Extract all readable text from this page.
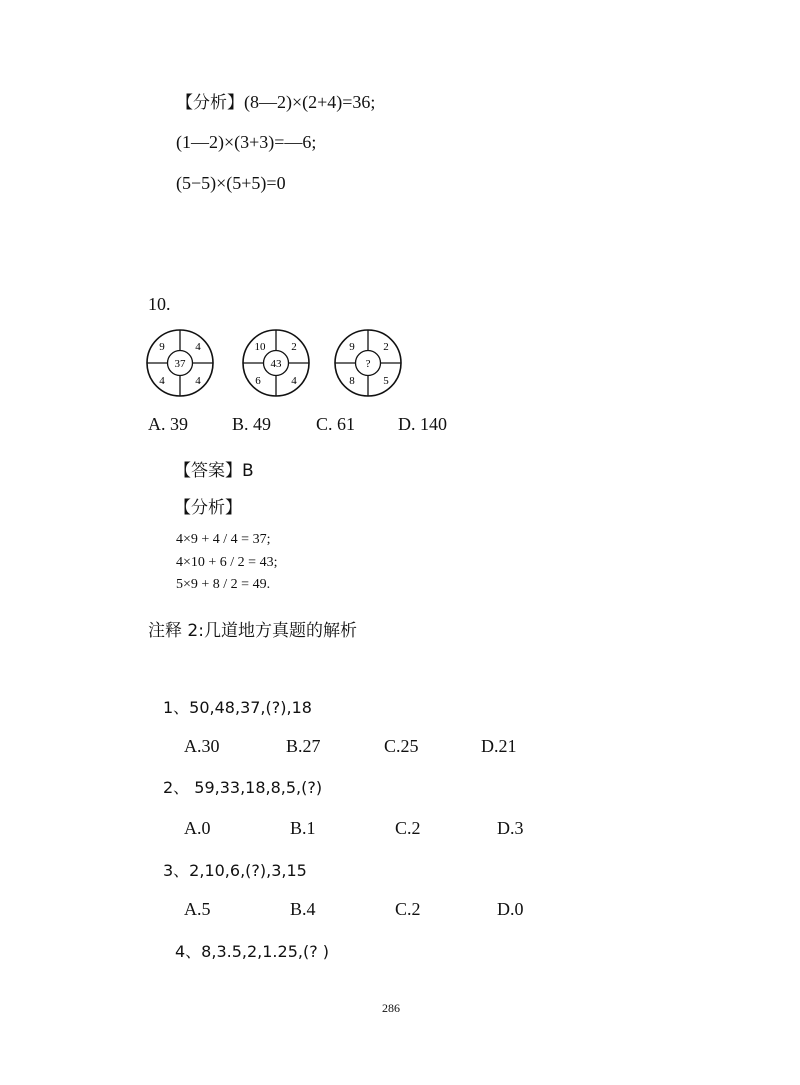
【分析】(8—2)×(2+4)=36;
(1—2)×(3+3)=—6;
(5−5)×(5+5)=0
10.
9	4
4	4
37
10 2
6	4
43
9	2
8	5
?
A. 39 B. 49 C. 61 D. 140
【答案】B
【分析】
4×9 + 4 / 4 = 37;
4×10 + 6 / 2 = 43;
5×9 + 8 / 2 = 49.
注释 2:几道地方真题的解析
1、50,48,37,(?),18
A.30	B.27	C.25	D.21
2、 59,33,18,8,5,(?)
A.0	B.1	C.2	D.3
3、2,10,6,(?),3,15
A.5	B.4	C.2	D.0
4、8,3.5,2,1.25,(? )
286
